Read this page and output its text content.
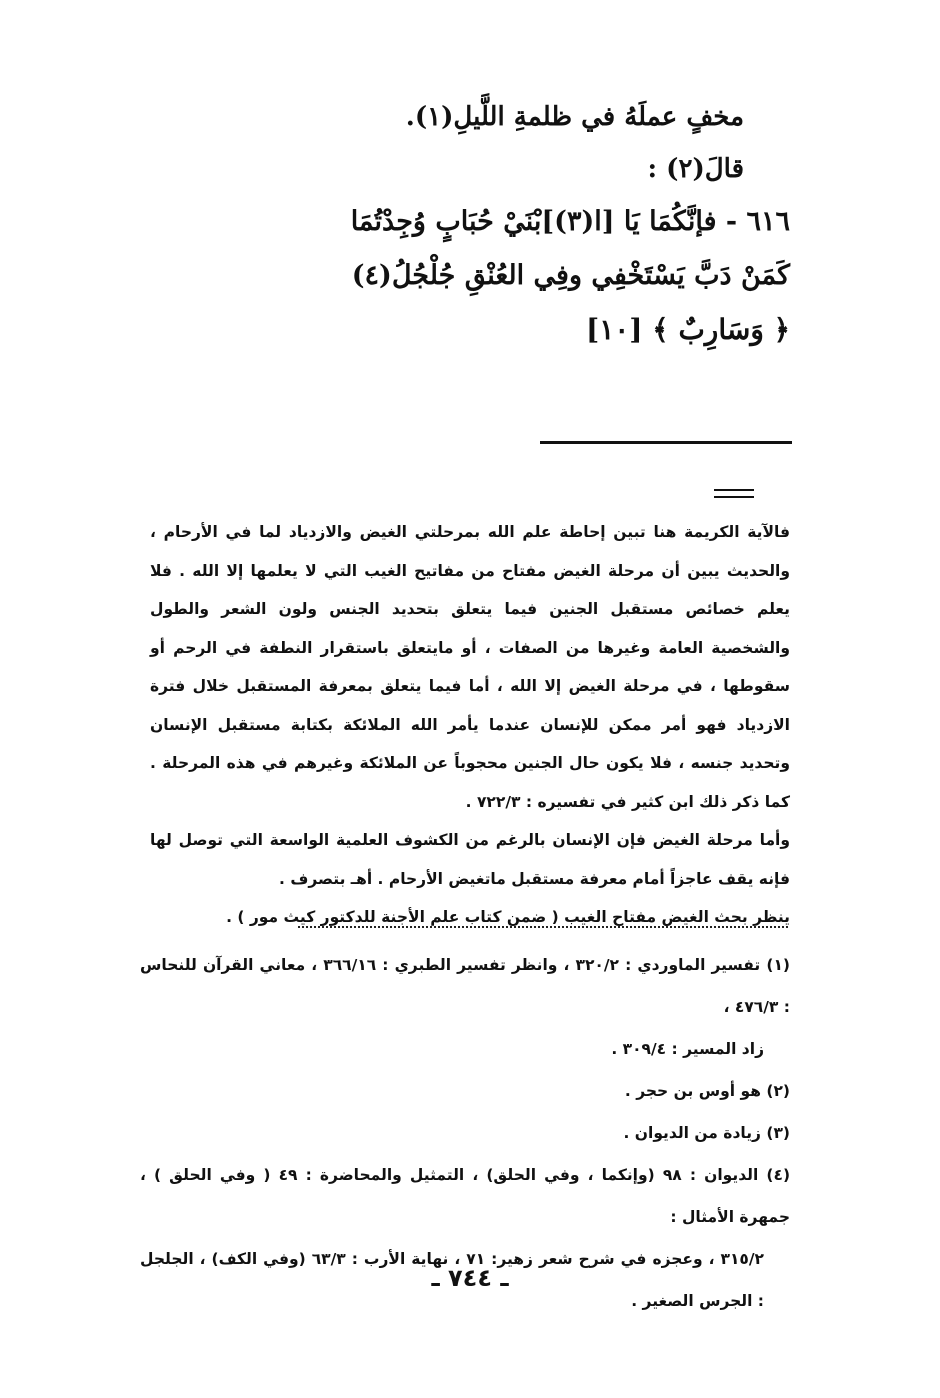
مخفٍ عملَهُ في ظلمةِ اللَّيلِ(١).
قالَ(٢) :
٦١٦ - فإنَّكُمَا يَا [ا(٣)]بْنَيْ حُبَابٍ وُجِدْتُمَا
كَمَنْ دَبَّ يَسْتَخْفِي وفِي العُنْقِ جُلْجُلُ(٤)
﴿ وَسَارِبٌ ﴾ [١٠]

فالآية الكريمة هنا تبين إحاطة علم الله بمرحلتي الغيض والازدياد لما في الأرحام ، والحديث يبين أن مرحلة الغيض مفتاح من مفاتيح الغيب التي لا يعلمها إلا الله . فلا يعلم خصائص مستقبل الجنين فيما يتعلق بتحديد الجنس ولون الشعر والطول والشخصية العامة وغيرها من الصفات ، أو مايتعلق باستقرار النطفة في الرحم أو سقوطها ، في مرحلة الغيض إلا الله ، أما فيما يتعلق بمعرفة المستقبل خلال فترة الازدياد فهو أمر ممكن للإنسان عندما يأمر الله الملائكة بكتابة مستقبل الإنسان وتحديد جنسه ، فلا يكون حال الجنين محجوباً عن الملائكة وغيرهم في هذه المرحلة . كما ذكر ذلك ابن كثير في تفسيره : ٧٢٢/٣ .

وأما مرحلة الغيض فإن الإنسان بالرغم من الكشوف العلمية الواسعة التي توصل لها فإنه يقف عاجزاً أمام معرفة مستقبل ماتغيض الأرحام . أهـ بتصرف .

ينظر بحث الغيض مفتاح الغيب ( ضمن كتاب علم الأجنة للدكتور كيث مور ) .

(١) تفسير الماوردي : ٣٢٠/٢ ، وانظر تفسير الطبري : ٣٦٦/١٦ ، معاني القرآن للنحاس : ٤٧٦/٣ ،
زاد المسير : ٣٠٩/٤ .
(٢) هو أوس بن حجر .
(٣) زيادة من الديوان .
(٤) الديوان : ٩٨ (وإنكما ، وفي الحلق) ، التمثيل والمحاضرة : ٤٩ ( وفي الحلق ) ، جمهرة الأمثال :
٣١٥/٢ ، وعجزه في شرح شعر زهير: ٧١ ، نهاية الأرب : ٦٣/٣ (وفي الكف) ، الجلجل : الجرس الصغير .
ـ ٧٤٤ ـ
